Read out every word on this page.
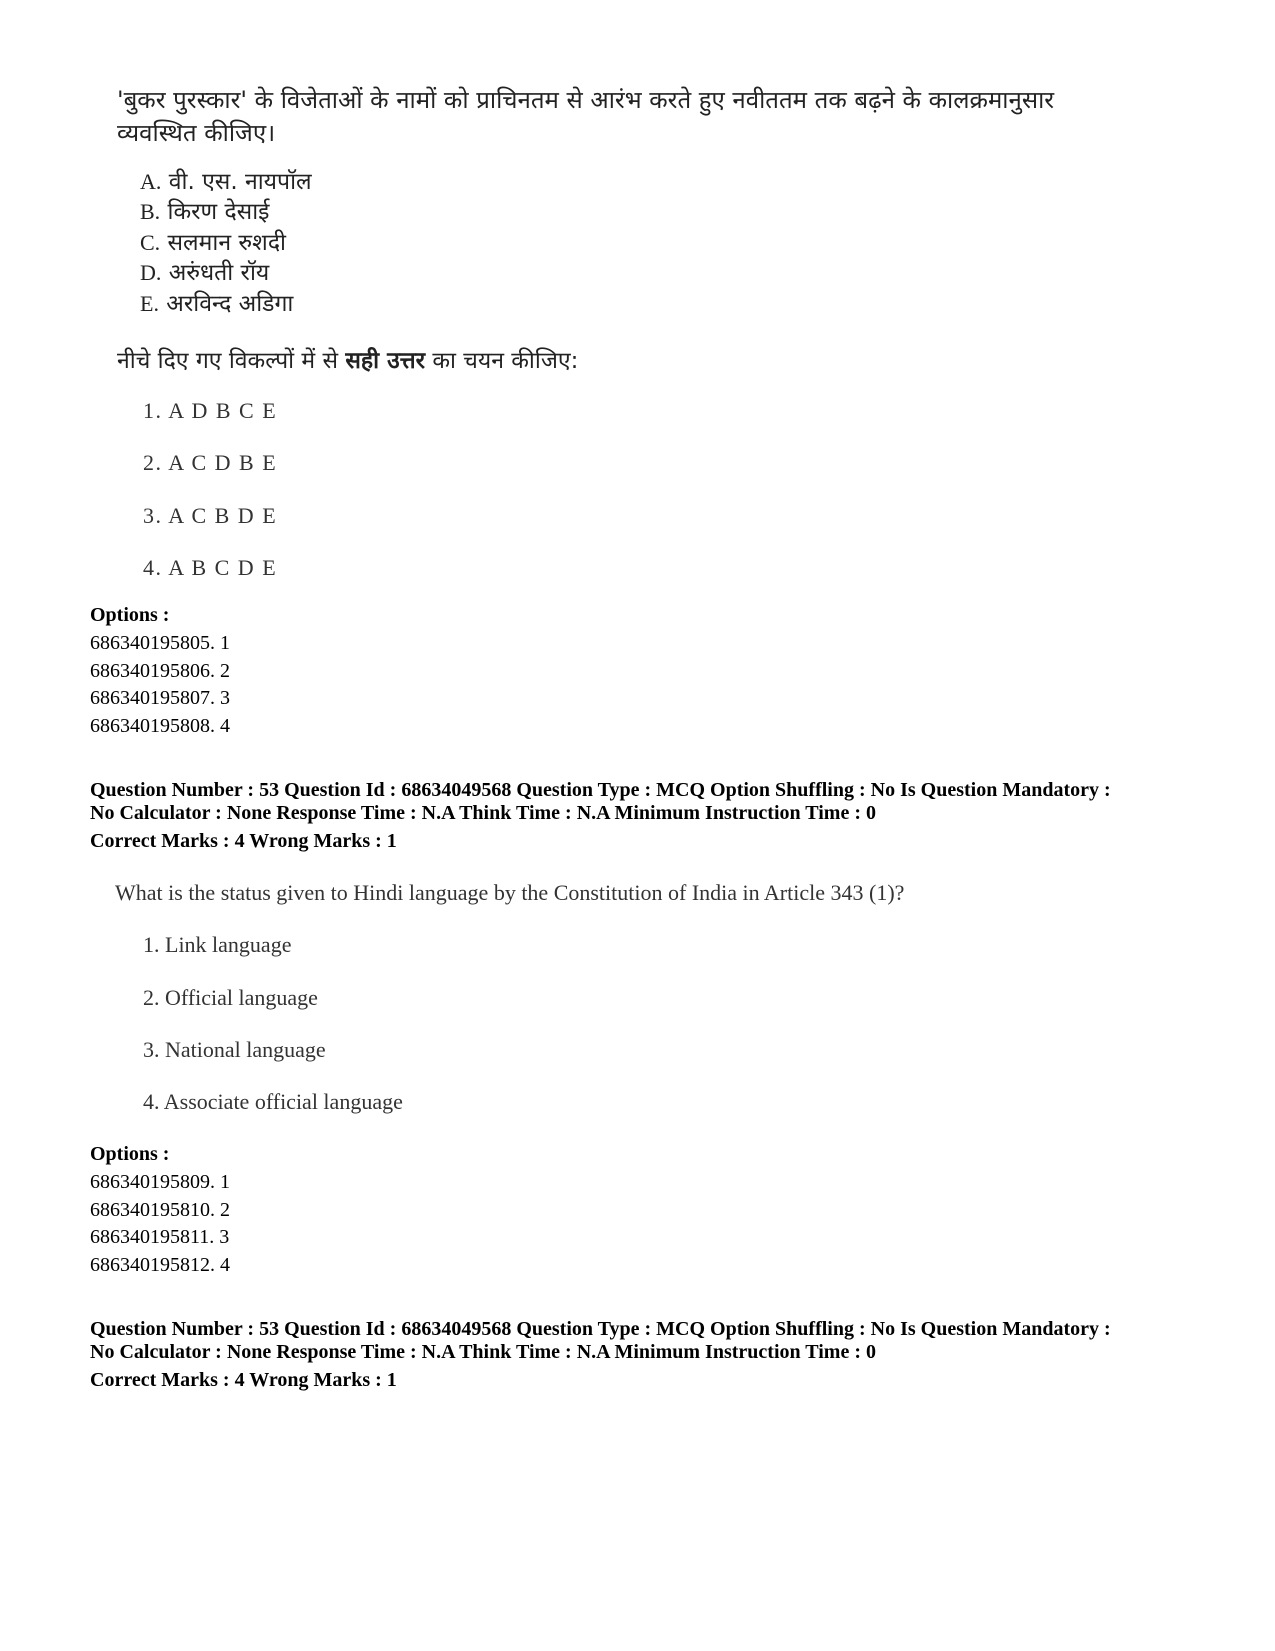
'बुकर पुरस्कार' के विजेताओं के नामों को प्राचिनतम से आरंभ करते हुए नवीततम तक बढ़ने के कालक्रमानुसार व्यवस्थित कीजिए।
A. वी. एस. नायपॉल
B. किरण देसाई
C. सलमान रुशदी
D. अरुंधती रॉय
E. अरविन्द अडिगा
नीचे दिए गए विकल्पों में से सही उत्तर का चयन कीजिए:
1. A D B C E
2. A C D B E
3. A C B D E
4. A B C D E
Options :
686340195805. 1
686340195806. 2
686340195807. 3
686340195808. 4
Question Number : 53 Question Id : 68634049568 Question Type : MCQ Option Shuffling : No Is Question Mandatory :
No Calculator : None Response Time : N.A Think Time : N.A Minimum Instruction Time : 0
Correct Marks : 4 Wrong Marks : 1
What is the status given to Hindi language by the Constitution of India in Article 343 (1)?
1. Link language
2. Official language
3. National language
4. Associate official language
Options :
686340195809. 1
686340195810. 2
686340195811. 3
686340195812. 4
Question Number : 53 Question Id : 68634049568 Question Type : MCQ Option Shuffling : No Is Question Mandatory :
No Calculator : None Response Time : N.A Think Time : N.A Minimum Instruction Time : 0
Correct Marks : 4 Wrong Marks : 1
